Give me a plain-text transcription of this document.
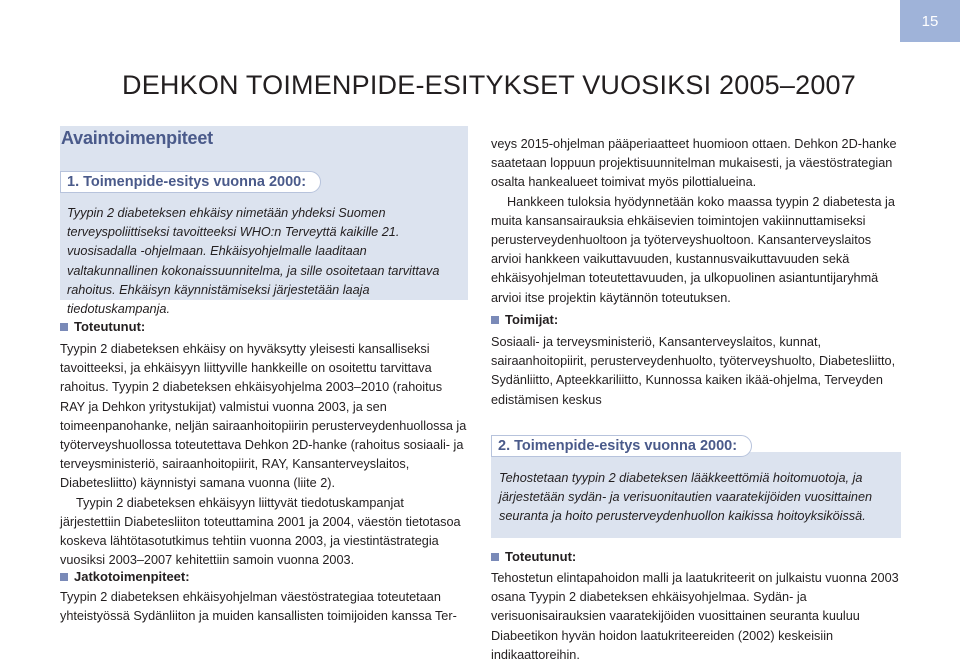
15
DEHKON TOIMENPIDE-ESITYKSET VUOSIKSI 2005–2007
Avaintoimenpiteet
1. Toimenpide-esitys vuonna 2000:
Tyypin 2 diabeteksen ehkäisy nimetään yhdeksi Suomen terveyspoliittiseksi tavoitteeksi WHO:n Terveyttä kaikille 21. vuosisadalla -ohjelmaan. Ehkäisyohjelmalle laaditaan valtakunnallinen kokonaissuunnitelma, ja sille osoitetaan tarvittava rahoitus. Ehkäisyn käynnistämiseksi järjestetään laaja tiedotuskampanja.
Toteutunut:

Tyypin 2 diabeteksen ehkäisy on hyväksytty yleisesti kansalliseksi tavoitteeksi, ja ehkäisyyn liittyville hankkeille on osoitettu tarvittava rahoitus. Tyypin 2 diabeteksen ehkäisyohjelma 2003–2010 (rahoitus RAY ja Dehkon yritystukijat) valmistui vuonna 2003, ja sen toimeenpanohanke, neljän sairaanhoitopiirin perusterveydenhuollossa ja työterveyshuollossa toteutettava Dehkon 2D-hanke (rahoitus sosiaali- ja terveysministeriö, sairaanhoitopiirit, RAY, Kansanterveyslaitos, Diabetesliitto) käynnistyi samana vuonna (liite 2).

Tyypin 2 diabeteksen ehkäisyyn liittyvät tiedotuskampanjat järjestettiin Diabetesliiton toteuttamina 2001 ja 2004, väestön tietotasoa koskeva lähtötasotutkimus tehtiin vuonna 2003, ja viestintästrategia vuosiksi 2003–2007 kehitettiin samoin vuonna 2003.

Jatkotoimenpiteet:
Tyypin 2 diabeteksen ehkäisyohjelman väestöstrategiaa toteutetaan yhteistyössä Sydänliiton ja muiden kansallisten toimijoiden kanssa Ter-

veys 2015-ohjelman pääperiaatteet huomioon ottaen. Dehkon 2D-hanke saatetaan loppuun projektisuunnitelman mukaisesti, ja väestöstrategian osalta hankealueet toimivat myös pilottialueina.

Hankkeen tuloksia hyödynnetään koko maassa tyypin 2 diabetesta ja muita kansansairauksia ehkäisevien toimintojen vakiinnuttamiseksi perusterveydenhuoltoon ja työterveyshuoltoon. Kansanterveyslaitos arvioi hankkeen vaikuttavuuden, kustannusvaikuttavuuden sekä ehkäisyohjelman toteutettavuuden, ja ulkopuolinen asiantuntijaryhmä arvioi itse projektin käytännön toteutuksen.

Toimijat:
Sosiaali- ja terveysministeriö, Kansanterveyslaitos, kunnat, sairaanhoitopiirit, perusterveydenhuolto, työterveyshuolto, Diabetesliitto, Sydänliitto, Apteekkariliitto, Kunnossa kaiken ikää-ohjelma, Terveyden edistämisen keskus
2. Toimenpide-esitys vuonna 2000:
Tehostetaan tyypin 2 diabeteksen lääkkeettömiä hoitomuotoja, ja järjestetään sydän- ja verisuonitautien vaaratekijöiden vuosittainen seuranta ja hoito perusterveydenhuollon kaikissa hoitoyksiköissä.
Toteutunut:
Tehostetun elintapahoidon malli ja laatukriteerit on julkaistu vuonna 2003 osana Tyypin 2 diabeteksen ehkäisyohjelmaa. Sydän- ja verisuonisairauksien vaaratekijöiden vuosittainen seuranta kuuluu Diabeetikon hyvän hoidon laatukriteereiden (2002) keskeisiin indikaattoreihin.
